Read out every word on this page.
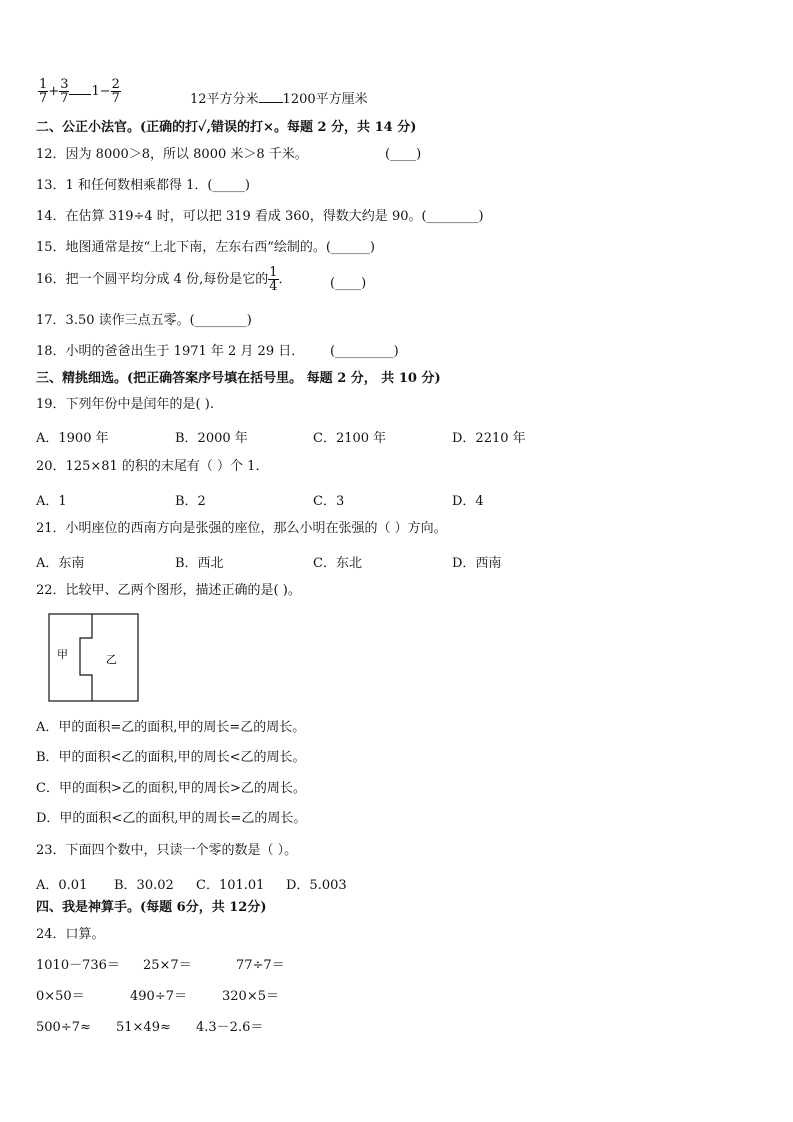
$\frac{1}{7} + \frac{3}{7} 1- \frac{2}{7}$	12平方分米 1200平方厘米
二、公正小法官。(正确的打✓,错误的打×。每题 2 分，共 14 分)
12．因为 8000＞8，所以 8000 米＞8 千米。	(____)
13．1 和任何数相乘都得 1．(_____)
14．在估算 319÷4 时，可以把 319 看成 360，得数大约是 90。(________)
15．地图通常是按“上北下南，左东右西”绘制的。(______)
16．把一个圆平均分成 4 份,每份是它的 $\frac{1}{4}$ ．	(____)
17．3.50 读作三点五零。(________)
18．小明的爸爸出生于 1971 年 2 月 29 日． (_________)
三、精挑细选。(把正确答案序号填在括号里。 每题 2 分， 共 10 分)
19．下列年份中是闰年的是( ).
A．1900 年	B．2000 年	C．2100 年	D．2210 年
20．125×81 的积的末尾有（ ）个 1．
A．1	B．2	C．3	D．4
21．小明座位的西南方向是张强的座位，那么小明在张强的（ ）方向。
A．东南	B．西北	C．东北	D．西南
22．比较甲、乙两个图形，描述正确的是( )。
甲	乙
A．甲的面积=乙的面积,甲的周长=乙的周长。
B．甲的面积<乙的面积,甲的周长<乙的周长。
C．甲的面积>乙的面积,甲的周长>乙的周长。
D．甲的面积<乙的面积,甲的周长=乙的周长。
23．下面四个数中，只读一个零的数是（ ）。
A．0.01 B．30.02 C．101.01 D．5.003
四、我是神算手。(每题 6分，共 12分)
24．口算。
1010－736＝ 25×7＝	77÷7＝
0×50＝	490÷7＝	320×5＝
500÷7≈ 51×49≈ 4.3－2.6＝
